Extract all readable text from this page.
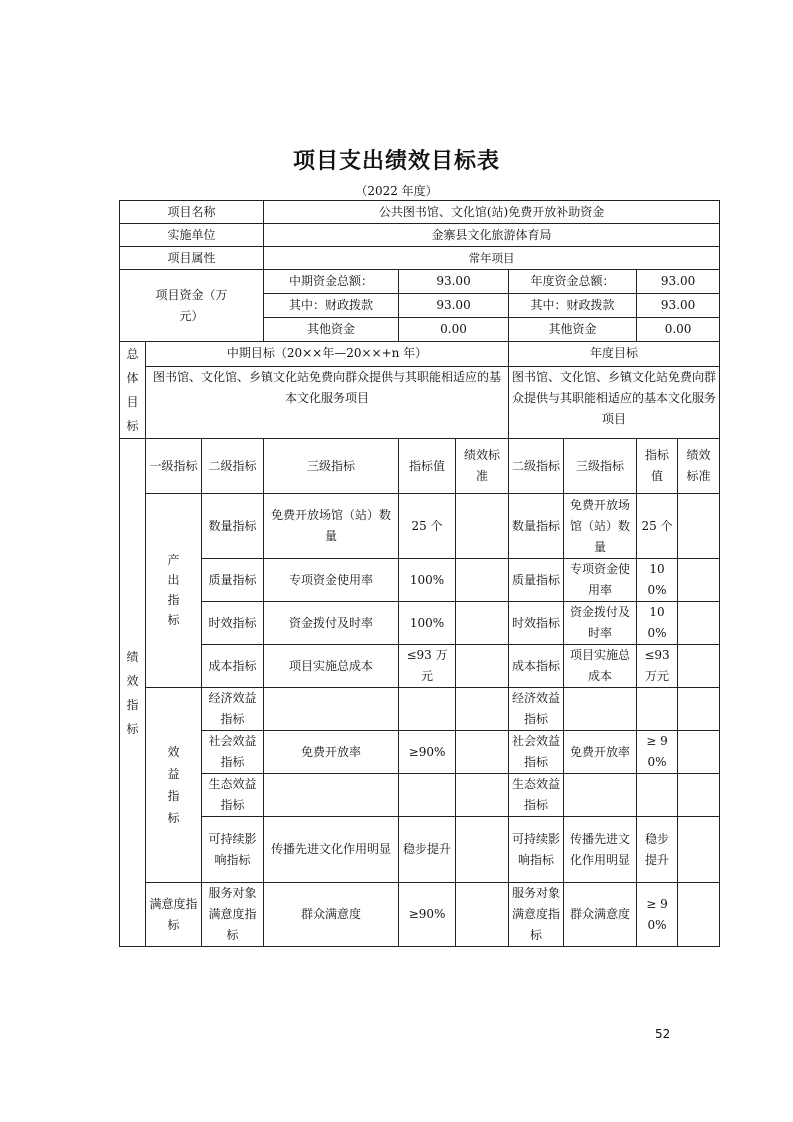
项目支出绩效目标表
（2022 年度）
项目名称			公共图书馆、文化馆(站)免费开放补助资金						
实施单位			金寨县文化旅游体育局						
项目属性			常年项目						
项目资金（万元）			中期资金总额：	93.00		年度资金总额：		93.00	
			其中：财政拨款	93.00		其中：财政拨款		93.00	
			其他资金	0.00		其他资金		0.00	
总体目标	中期目标（20××年—20××+n 年）					年度目标			
	图书馆、文化馆、乡镇文化站免费向群众提供与其职能相适应的基本文化服务项目					图书馆、文化馆、乡镇文化站免费向群众提供与其职能相适应的基本文化服务项目			
绩效指标	一级指标	二级指标	三级指标	指标值	绩效标准	二级指标	三级指标	指标值	绩效标准
	产出指标	数量指标	免费开放场馆（站）数量	25 个		数量指标	免费开放场馆（站）数量	25 个	
		质量指标	专项资金使用率	100%		质量指标	专项资金使用率	100%	
		时效指标	资金拨付及时率	100%		时效指标	资金拨付及时率	100%	
		成本指标	项目实施总成本	≤93 万元		成本指标	项目实施总成本	≤93 万元	
	效益指标	经济效益指标				经济效益指标			
		社会效益指标	免费开放率	≥90%		社会效益指标	免费开放率	≥ 90%	
		生态效益指标				生态效益指标			
		可持续影响指标	传播先进文化作用明显	稳步提升		可持续影响指标	传播先进文化作用明显	稳步提升	
	满意度指标	服务对象满意度指标	群众满意度	≥90%		服务对象满意度指标	群众满意度	≥ 90%	
52
